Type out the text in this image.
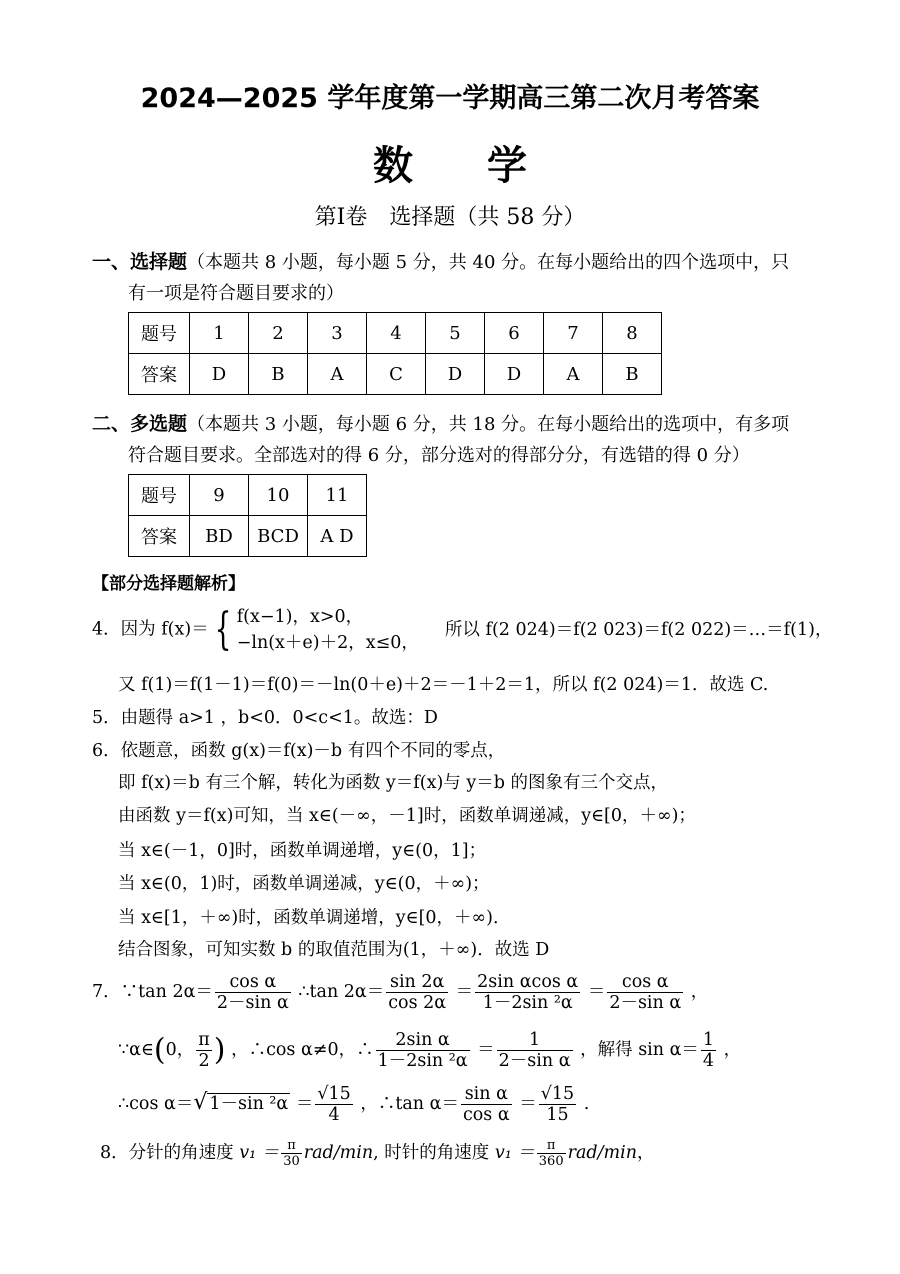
2024—2025 学年度第一学期高三第二次月考答案
数 学
第Ⅰ卷　选择题（共 58 分）
一、选择题（本题共 8 小题，每小题 5 分，共 40 分。在每小题给出的四个选项中，只
有一项是符合题目要求的）
题号	1	2	3	4	5	6	7	8
答案	D	B	A	C	D	D	A	B
二、多选题（本题共 3 小题，每小题 6 分，共 18 分。在每小题给出的选项中，有多项
符合题目要求。全部选对的得 6 分，部分选对的得部分分，有选错的得 0 分）
题号	9	10	11
答案	BD	BCD	A D
【部分选择题解析】
4．因为 f(x)＝ { f(x−1)，x>0，
−ln(x＋e)＋2，x≤0，
所以 f(2 024)＝f(2 023)＝f(2 022)＝…＝f(1)，
又 f(1)＝f(1－1)＝f(0)＝－ln(0＋e)＋2＝－1＋2＝1，所以 f(2 024)＝1．故选 C.
5．由题得 a>1 ，b<0．0<c<1。故选：D
6．依题意，函数 g(x)＝f(x)－b 有四个不同的零点，
即 f(x)＝b 有三个解，转化为函数 y＝f(x)与 y＝b 的图象有三个交点，
由函数 y＝f(x)可知，当 x∈(－∞，－1]时，函数单调递减，y∈[0，＋∞)；
当 x∈(－1，0]时，函数单调递增，y∈(0，1]；
当 x∈(0，1)时，函数单调递减，y∈(0，＋∞)；
当 x∈[1，＋∞)时，函数单调递增，y∈[0，＋∞)．
结合图象，可知实数 b 的取值范围为(1，＋∞)．故选 D
7．∵tan $2\alpha= \frac{\text{cos α}}{\text{2－sin α}}$ ∴tan $2\alpha= \frac{\sin 2\alpha}{\cos 2\alpha} = \frac{\text{2sin αcos α}}{\text{1－2sin ²α}} = \frac{\text{cos α}}{\text{2－sin α}}$ ，
∵α∈(0， $\frac{\pi}{2}$ ) ，∴cos α≠0，∴ $\frac{\text{2sin α}}{\text{1－2sin ²α}} = \frac{1}{\text{2－sin α}}$ ，解得 $\sin \alpha= \frac{1}{4}$ ，
∴cos α＝√ 1－sin $^2\alpha = \frac{√15}{4}$ ，∴tan $\alpha= \frac{\text{sin α}}{\text{cos α}} = \frac{√15}{15}$ .
8．分针的角速度 $v_1 = \frac{\pi}{30} rad/\min$, 时针的角速度 $v_1 = \frac{\pi}{360} rad/\min$，
